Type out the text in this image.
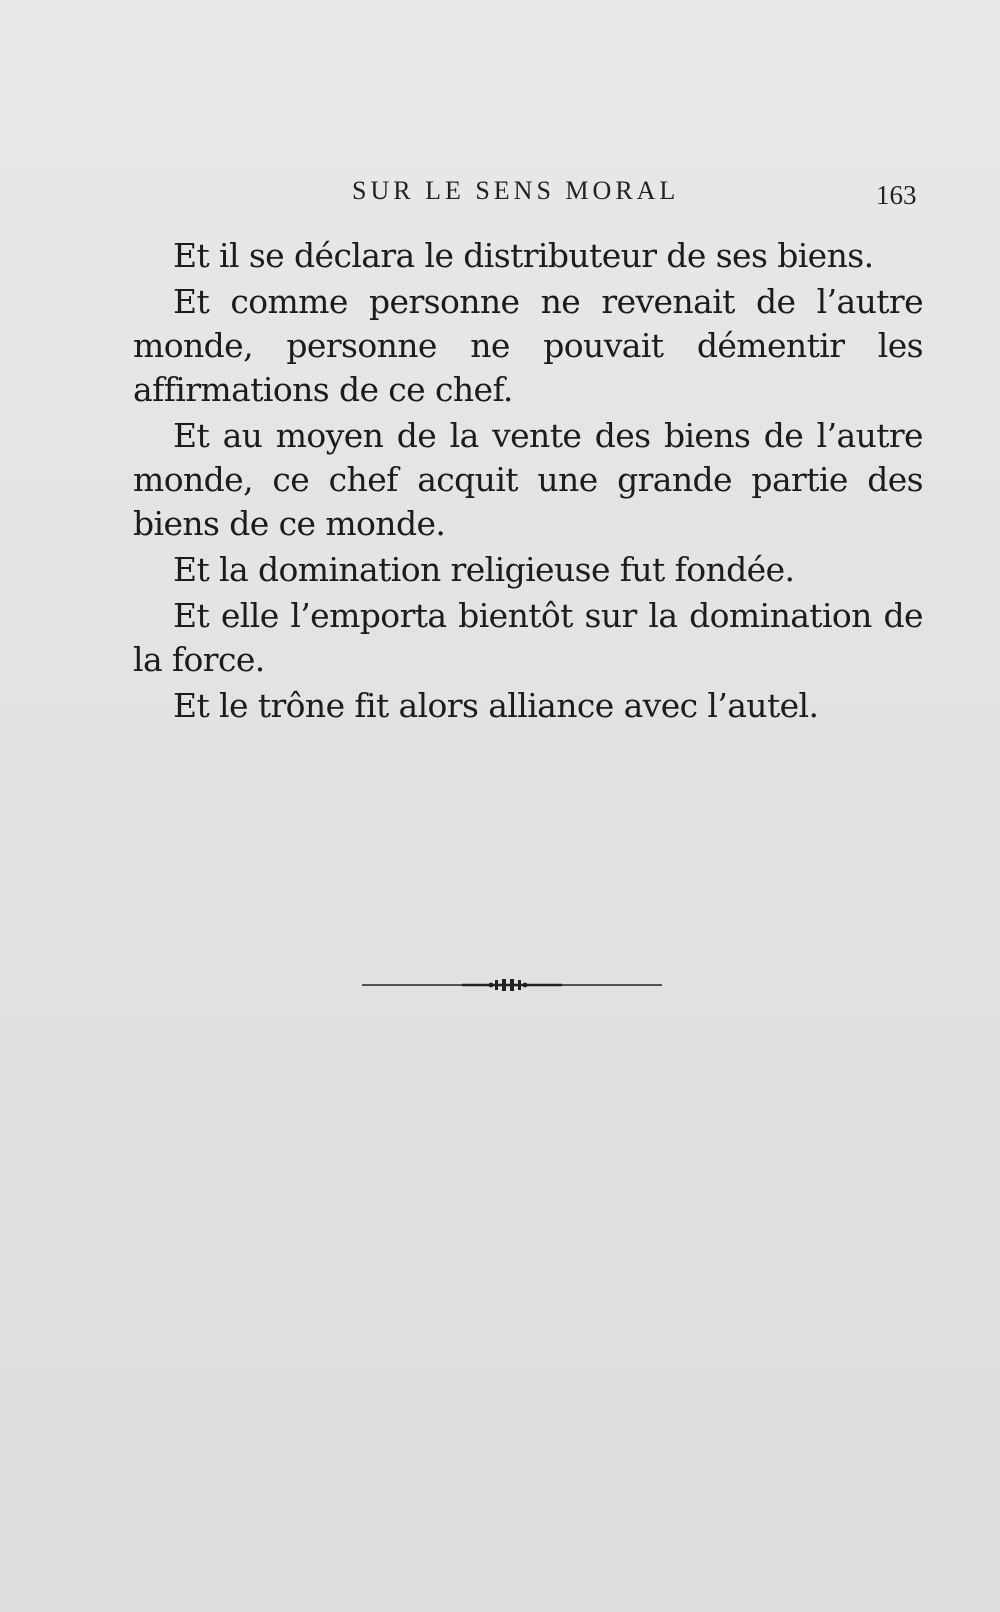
SUR LE SENS MORAL	163

Et il se déclara le distributeur de ses biens.

Et comme personne ne revenait de l’autre monde, personne ne pouvait démentir les affirmations de ce chef.

Et au moyen de la vente des biens de l’autre monde, ce chef acquit une grande partie des biens de ce monde.

Et la domination religieuse fut fondée.

Et elle l’emporta bientôt sur la domination de la force.

Et le trône fit alors alliance avec l’autel.
